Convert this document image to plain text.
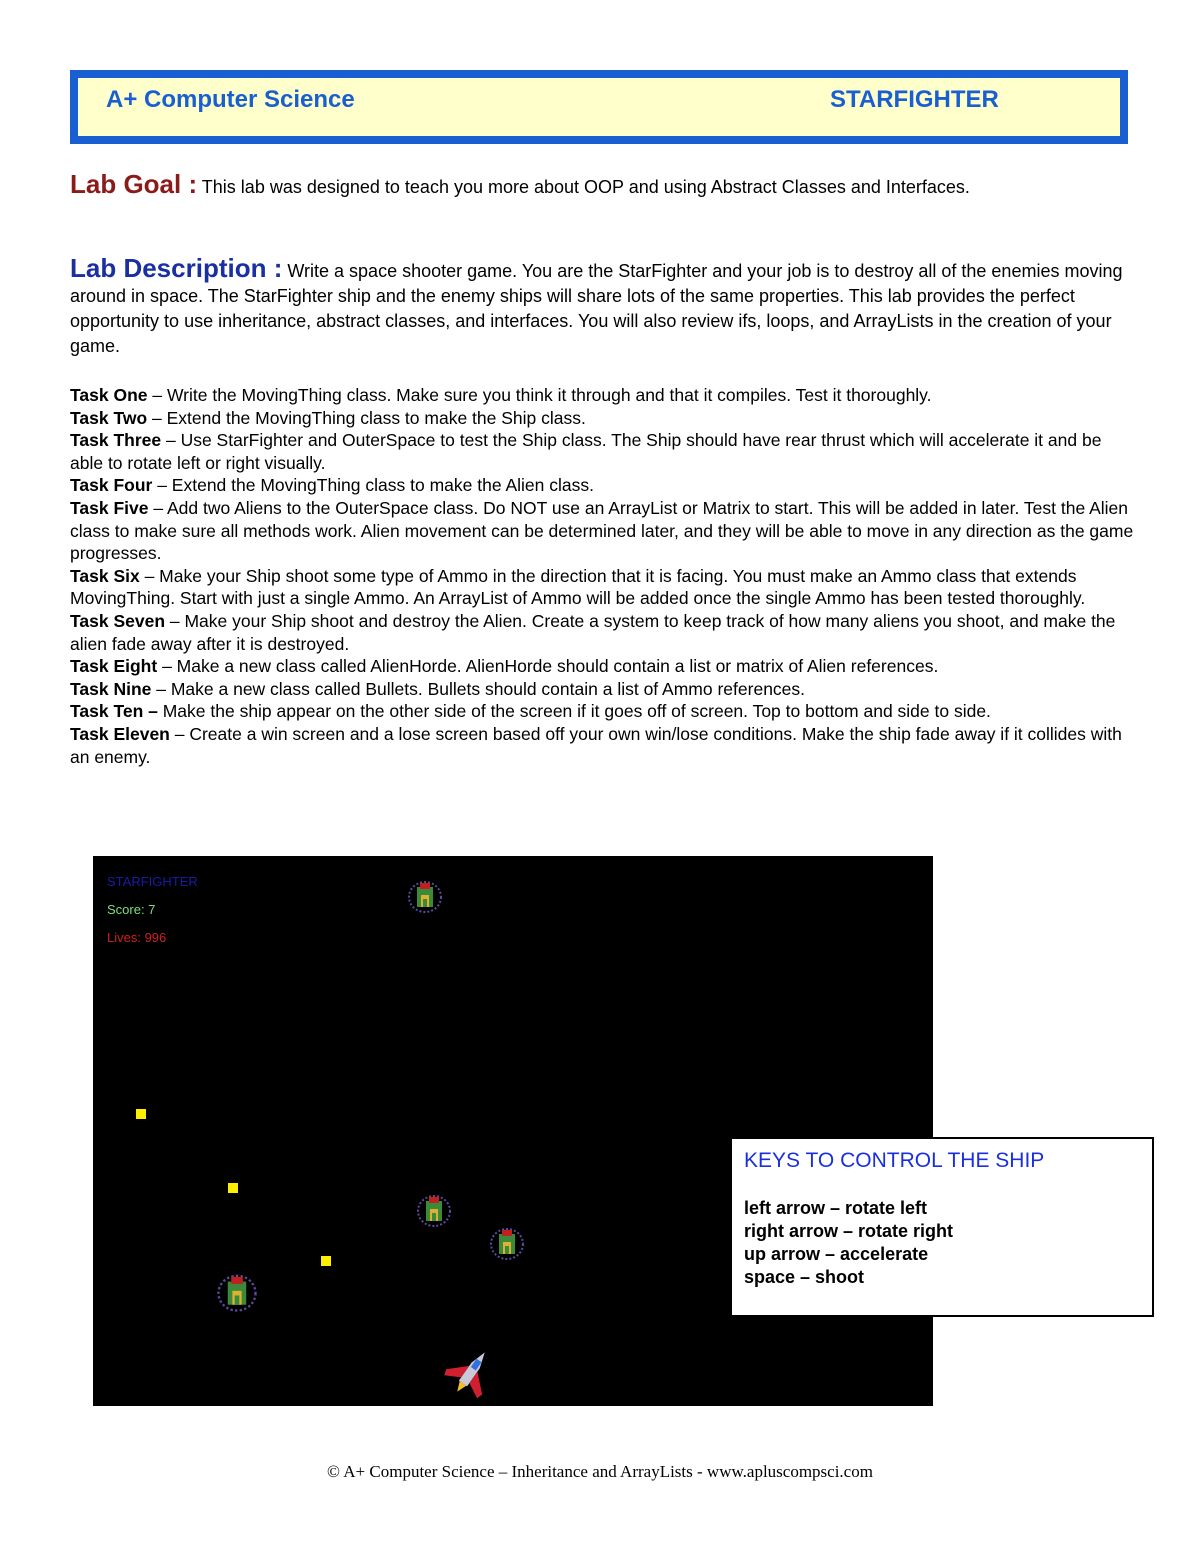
A+ Computer Science	STARFIGHTER
Lab Goal : This lab was designed to teach you more about OOP and using Abstract Classes and Interfaces.
Lab Description : Write a space shooter game. You are the StarFighter and your job is to destroy all of the enemies moving around in space. The StarFighter ship and the enemy ships will share lots of the same properties. This lab provides the perfect opportunity to use inheritance, abstract classes, and interfaces. You will also review ifs, loops, and ArrayLists in the creation of your game.
Task One – Write the MovingThing class. Make sure you think it through and that it compiles. Test it thoroughly.
Task Two – Extend the MovingThing class to make the Ship class.
Task Three – Use StarFighter and OuterSpace to test the Ship class. The Ship should have rear thrust which will accelerate it and be able to rotate left or right visually.
Task Four – Extend the MovingThing class to make the Alien class.
Task Five – Add two Aliens to the OuterSpace class. Do NOT use an ArrayList or Matrix to start. This will be added in later. Test the Alien class to make sure all methods work. Alien movement can be determined later, and they will be able to move in any direction as the game progresses.
Task Six – Make your Ship shoot some type of Ammo in the direction that it is facing. You must make an Ammo class that extends MovingThing. Start with just a single Ammo. An ArrayList of Ammo will be added once the single Ammo has been tested thoroughly.
Task Seven – Make your Ship shoot and destroy the Alien. Create a system to keep track of how many aliens you shoot, and make the alien fade away after it is destroyed.
Task Eight – Make a new class called AlienHorde. AlienHorde should contain a list or matrix of Alien references.
Task Nine – Make a new class called Bullets. Bullets should contain a list of Ammo references.
Task Ten – Make the ship appear on the other side of the screen if it goes off of screen. Top to bottom and side to side.
Task Eleven – Create a win screen and a lose screen based off your own win/lose conditions. Make the ship fade away if it collides with an enemy.
STARFIGHTER
Score: 7
Lives: 996
KEYS TO CONTROL THE SHIP
left arrow – rotate left
right arrow – rotate right
up arrow – accelerate
space – shoot
© A+ Computer Science – Inheritance and ArrayLists - www.apluscompsci.com
